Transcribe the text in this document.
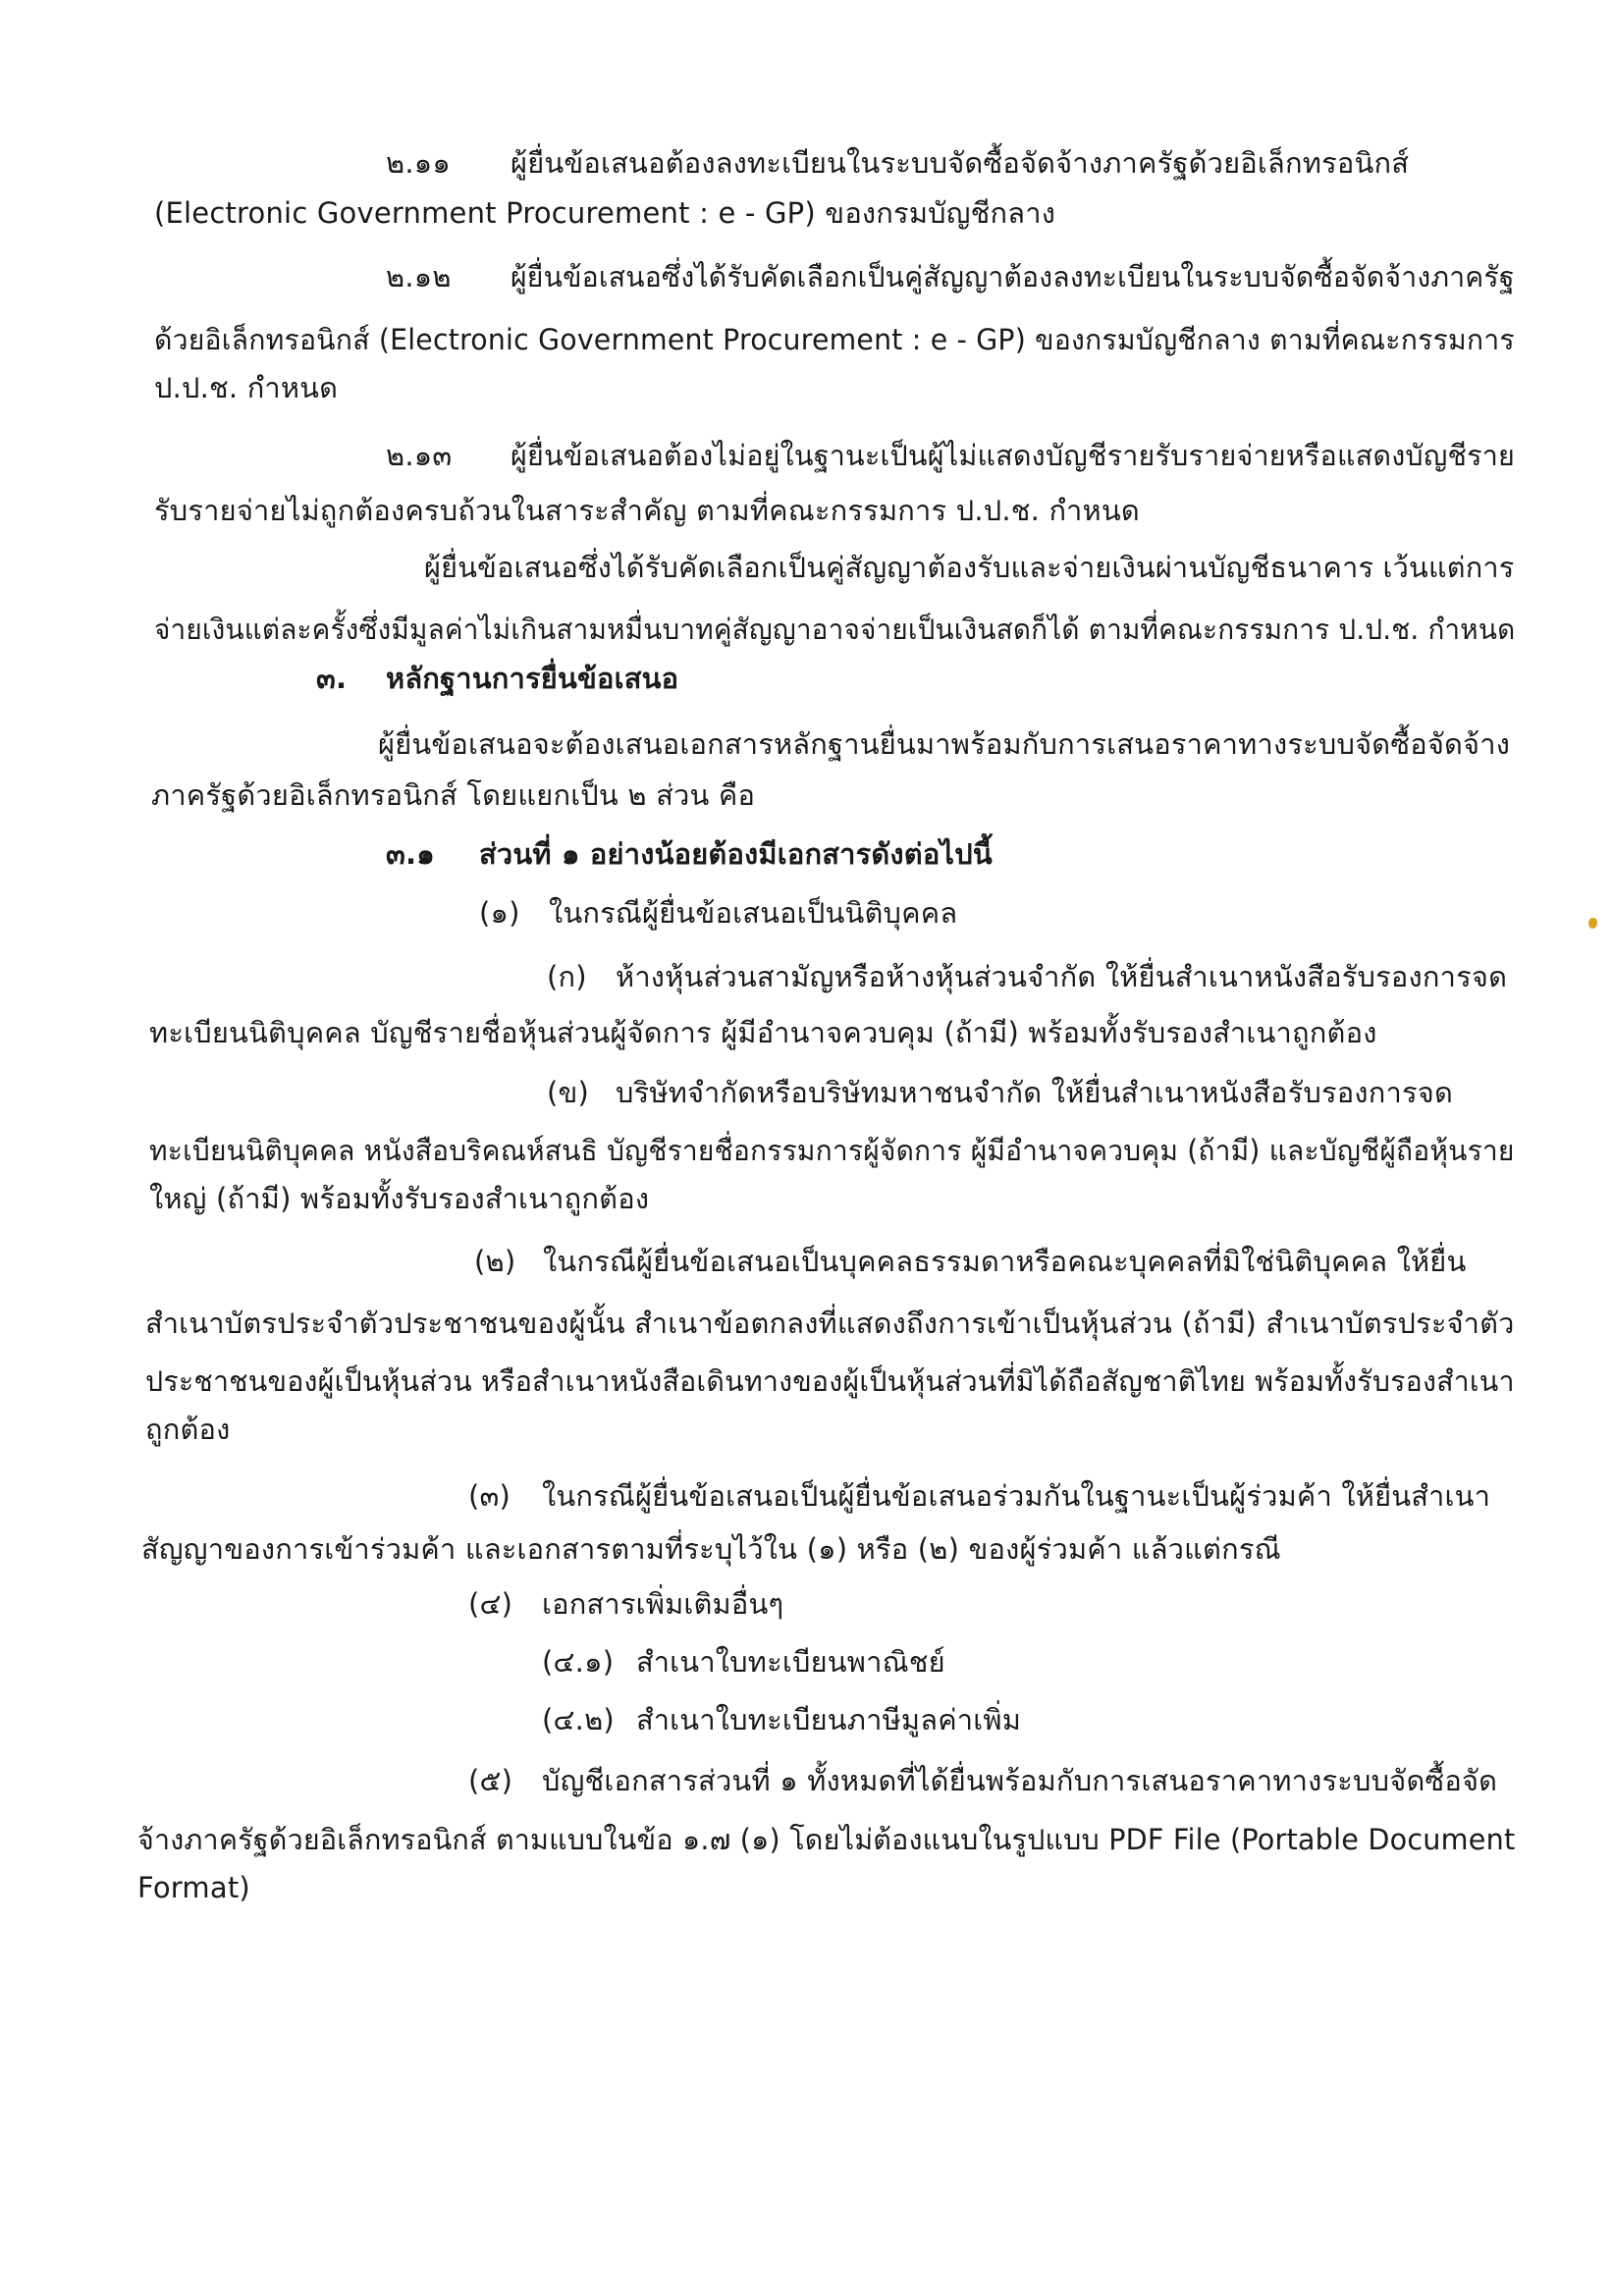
๒.๑๑ ผู้ยื่นข้อเสนอต้องลงทะเบียนในระบบจัดซื้อจัดจ้างภาครัฐด้วยอิเล็กทรอนิกส์
(Electronic Government Procurement : e - GP) ของกรมบัญชีกลาง
๒.๑๒ ผู้ยื่นข้อเสนอซึ่งได้รับคัดเลือกเป็นคู่สัญญาต้องลงทะเบียนในระบบจัดซื้อจัดจ้างภาครัฐ
ด้วยอิเล็กทรอนิกส์ (Electronic Government Procurement : e - GP) ของกรมบัญชีกลาง ตามที่คณะกรรมการ
ป.ป.ช. กำหนด
๒.๑๓ ผู้ยื่นข้อเสนอต้องไม่อยู่ในฐานะเป็นผู้ไม่แสดงบัญชีรายรับรายจ่ายหรือแสดงบัญชีราย
รับรายจ่ายไม่ถูกต้องครบถ้วนในสาระสำคัญ ตามที่คณะกรรมการ ป.ป.ช. กำหนด
ผู้ยื่นข้อเสนอซึ่งได้รับคัดเลือกเป็นคู่สัญญาต้องรับและจ่ายเงินผ่านบัญชีธนาคาร เว้นแต่การ
จ่ายเงินแต่ละครั้งซึ่งมีมูลค่าไม่เกินสามหมื่นบาทคู่สัญญาอาจจ่ายเป็นเงินสดก็ได้ ตามที่คณะกรรมการ ป.ป.ช. กำหนด
๓. หลักฐานการยื่นข้อเสนอ
ผู้ยื่นข้อเสนอจะต้องเสนอเอกสารหลักฐานยื่นมาพร้อมกับการเสนอราคาทางระบบจัดซื้อจัดจ้าง
ภาครัฐด้วยอิเล็กทรอนิกส์ โดยแยกเป็น ๒ ส่วน คือ
๓.๑ ส่วนที่ ๑ อย่างน้อยต้องมีเอกสารดังต่อไปนี้
(๑) ในกรณีผู้ยื่นข้อเสนอเป็นนิติบุคคล
(ก) ห้างหุ้นส่วนสามัญหรือห้างหุ้นส่วนจำกัด ให้ยื่นสำเนาหนังสือรับรองการจด
ทะเบียนนิติบุคคล บัญชีรายชื่อหุ้นส่วนผู้จัดการ ผู้มีอำนาจควบคุม (ถ้ามี) พร้อมทั้งรับรองสำเนาถูกต้อง
(ข) บริษัทจำกัดหรือบริษัทมหาชนจำกัด ให้ยื่นสำเนาหนังสือรับรองการจด
ทะเบียนนิติบุคคล หนังสือบริคณห์สนธิ บัญชีรายชื่อกรรมการผู้จัดการ ผู้มีอำนาจควบคุม (ถ้ามี) และบัญชีผู้ถือหุ้นราย
ใหญ่ (ถ้ามี) พร้อมทั้งรับรองสำเนาถูกต้อง
(๒) ในกรณีผู้ยื่นข้อเสนอเป็นบุคคลธรรมดาหรือคณะบุคคลที่มิใช่นิติบุคคล ให้ยื่น
สำเนาบัตรประจำตัวประชาชนของผู้นั้น สำเนาข้อตกลงที่แสดงถึงการเข้าเป็นหุ้นส่วน (ถ้ามี) สำเนาบัตรประจำตัว
ประชาชนของผู้เป็นหุ้นส่วน หรือสำเนาหนังสือเดินทางของผู้เป็นหุ้นส่วนที่มิได้ถือสัญชาติไทย พร้อมทั้งรับรองสำเนา
ถูกต้อง
(๓) ในกรณีผู้ยื่นข้อเสนอเป็นผู้ยื่นข้อเสนอร่วมกันในฐานะเป็นผู้ร่วมค้า ให้ยื่นสำเนา
สัญญาของการเข้าร่วมค้า และเอกสารตามที่ระบุไว้ใน (๑) หรือ (๒) ของผู้ร่วมค้า แล้วแต่กรณี
(๔) เอกสารเพิ่มเติมอื่นๆ
(๔.๑) สำเนาใบทะเบียนพาณิชย์
(๔.๒) สำเนาใบทะเบียนภาษีมูลค่าเพิ่ม
(๕) บัญชีเอกสารส่วนที่ ๑ ทั้งหมดที่ได้ยื่นพร้อมกับการเสนอราคาทางระบบจัดซื้อจัด
จ้างภาครัฐด้วยอิเล็กทรอนิกส์ ตามแบบในข้อ ๑.๗ (๑) โดยไม่ต้องแนบในรูปแบบ PDF File (Portable Document
Format)
